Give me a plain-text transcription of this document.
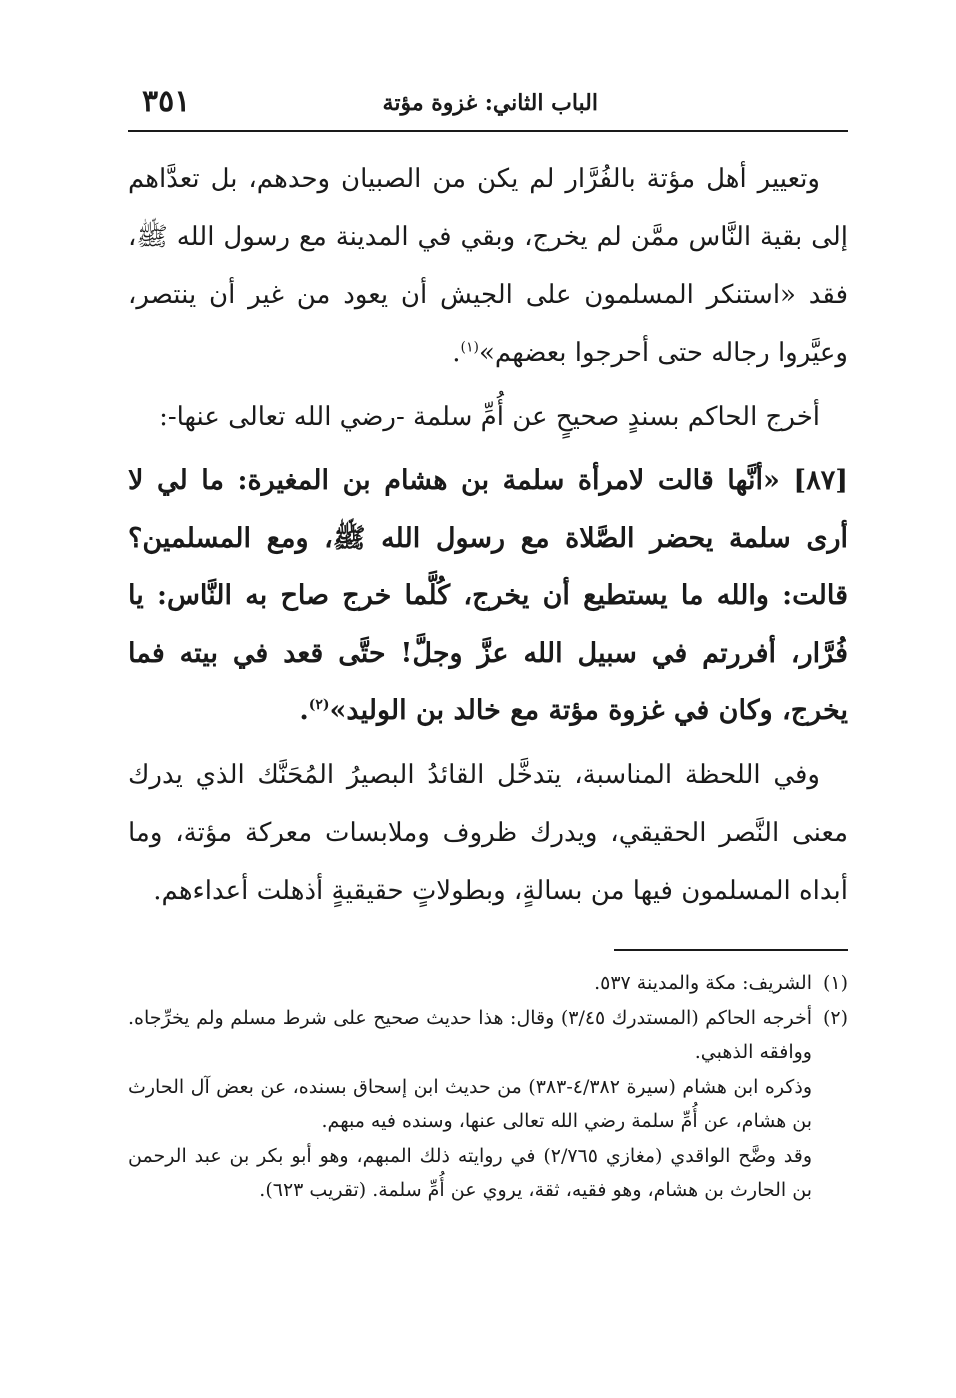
الباب الثاني: غزوة مؤتة
٣٥١

وتعيير أهل مؤتة بالفُرَّار لم يكن من الصبيان وحدهم، بل تعدَّاهم إلى بقية النَّاس ممَّن لم يخرج، وبقي في المدينة مع رسول الله ﷺ، فقد «استنكر المسلمون على الجيش أن يعود من غير أن ينتصر، وعيَّروا رجاله حتى أحرجوا بعضهم»$^{(١)}$.

أخرج الحاكم بسندٍ صحيحٍ عن أُمِّ سلمة -رضي الله تعالى عنها-:

[٨٧] «أنَّها قالت لامرأة سلمة بن هشام بن المغيرة: ما لي لا أرى سلمة يحضر الصَّلاة مع رسول الله ﷺ، ومع المسلمين؟ قالت: والله ما يستطيع أن يخرج، كُلَّما خرج صاح به النَّاس: يا فُرَّار، أفررتم في سبيل الله عزَّ وجلَّ! حتَّى قعد في بيته فما يخرج، وكان في غزوة مؤتة مع خالد بن الوليد»$^{(٢)}$.

وفي اللحظة المناسبة، يتدخَّل القائدُ البصيرُ المُحَنَّك الذي يدرك معنى النَّصر الحقيقي، ويدرك ظروف وملابسات معركة مؤتة، وما أبداه المسلمون فيها من بسالةٍ، وبطولاتٍ حقيقيةٍ أذهلت أعداءهم.

(١)
الشريف: مكة والمدينة ٥٣٧.

(٢)
أخرجه الحاكم (المستدرك ٣/٤٥) وقال: هذا حديث صحيح على شرط مسلم ولم يخرِّجاه. ووافقه الذهبي.

وذكره ابن هشام (سيرة ٤/٣٨٢-٣٨٣) من حديث ابن إسحاق بسنده، عن بعض آل الحارث بن هشام، عن أُمِّ سلمة رضي الله تعالى عنها، وسنده فيه مبهم.

وقد وضَّح الواقدي (مغازي ٢/٧٦٥) في روايته ذلك المبهم، وهو أبو بكر بن عبد الرحمن بن الحارث بن هشام، وهو فقيه، ثقة، يروي عن أُمِّ سلمة. (تقريب ٦٢٣).
